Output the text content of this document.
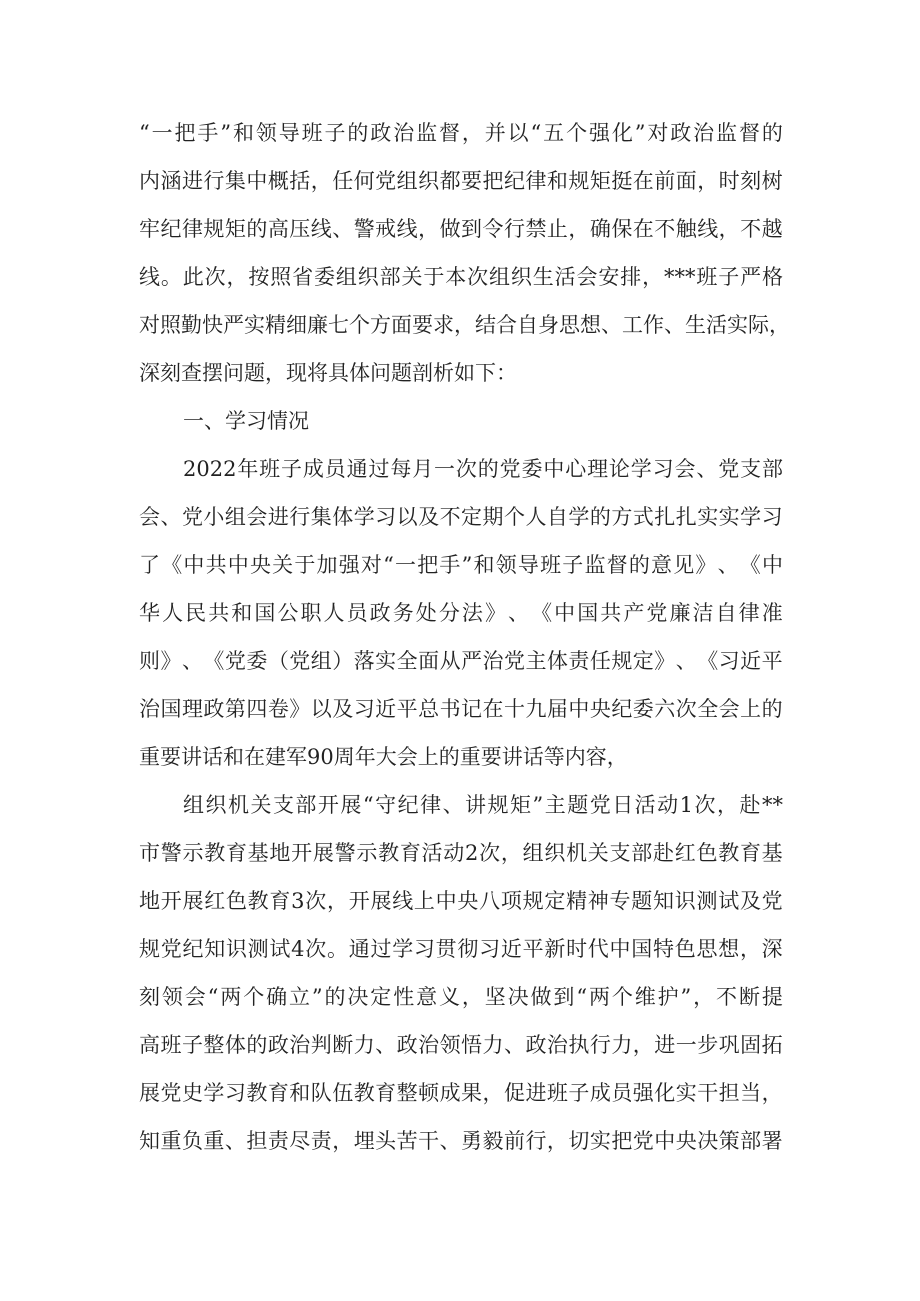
“ 一 把 手 ” 和 领 导 班 子 的 政 治 监 督 ， 并 以 “ 五 个 强 化 ” 对 政 治 监 督 的
内 涵 进 行 集 中 概 括 ， 任 何 党 组 织 都 要 把 纪 律 和 规 矩 挺 在 前 面 ， 时 刻 树
牢 纪 律 规 矩 的 高 压 线 、 警 戒 线 ， 做 到 令 行 禁 止 ， 确 保 在 不 触 线 ， 不 越
线 。 此 次 ， 按 照 省 委 组 织 部 关 于 本 次 组 织 生 活 会 安 排 ， *** 班 子 严 格
对 照 勤 快 严 实 精 细 廉 七 个 方 面 要 求 ， 结 合 自 身 思 想 、 工 作 、 生 活 实 际 ，
深刻查摆问题，现将具体问题剖析如下：
一、学习情况
2022 年 班 子 成 员 通 过 每 月 一 次 的 党 委 中 心 理 论 学 习 会 、 党 支 部
会 、 党 小 组 会 进 行 集 体 学 习 以 及 不 定 期 个 人 自 学 的 方 式 扎 扎 实 实 学 习
了 《 中 共 中 央 关 于 加 强 对 “ 一 把 手 ” 和 领 导 班 子 监 督 的 意 见 》 、 《 中
华 人 民 共 和 国 公 职 人 员 政 务 处 分 法 》 、 《 中 国 共 产 党 廉 洁 自 律 准
则 》 、 《 党 委 （ 党 组 ） 落 实 全 面 从 严 治 党 主 体 责 任 规 定 》 、 《 习 近 平
治 国 理 政 第 四 卷 》 以 及 习 近 平 总 书 记 在 十 九 届 中 央 纪 委 六 次 全 会 上 的
重要讲话和在建军90周年大会上的重要讲话等内容，
组 织 机 关 支 部 开 展 “ 守 纪 律 、 讲 规 矩 ” 主 题 党 日 活 动 1 次 ， 赴 **
市 警 示 教 育 基 地 开 展 警 示 教 育 活 动 2 次 ， 组 织 机 关 支 部 赴 红 色 教 育 基
地 开 展 红 色 教 育 3 次 ， 开 展 线 上 中 央 八 项 规 定 精 神 专 题 知 识 测 试 及 党
规 党 纪 知 识 测 试 4 次 。 通 过 学 习 贯 彻 习 近 平 新 时 代 中 国 特 色 思 想 ， 深
刻 领 会 “ 两 个 确 立 ” 的 决 定 性 意 义 ， 坚 决 做 到 “ 两 个 维 护 ” ， 不 断 提
高 班 子 整 体 的 政 治 判 断 力 、 政 治 领 悟 力 、 政 治 执 行 力 ， 进 一 步 巩 固 拓
展 党 史 学 习 教 育 和 队 伍 教 育 整 顿 成 果 ， 促 进 班 子 成 员 强 化 实 干 担 当 ，
知 重 负 重 、 担 责 尽 责 ， 埋 头 苦 干 、 勇 毅 前 行 ， 切 实 把 党 中 央 决 策 部 署
